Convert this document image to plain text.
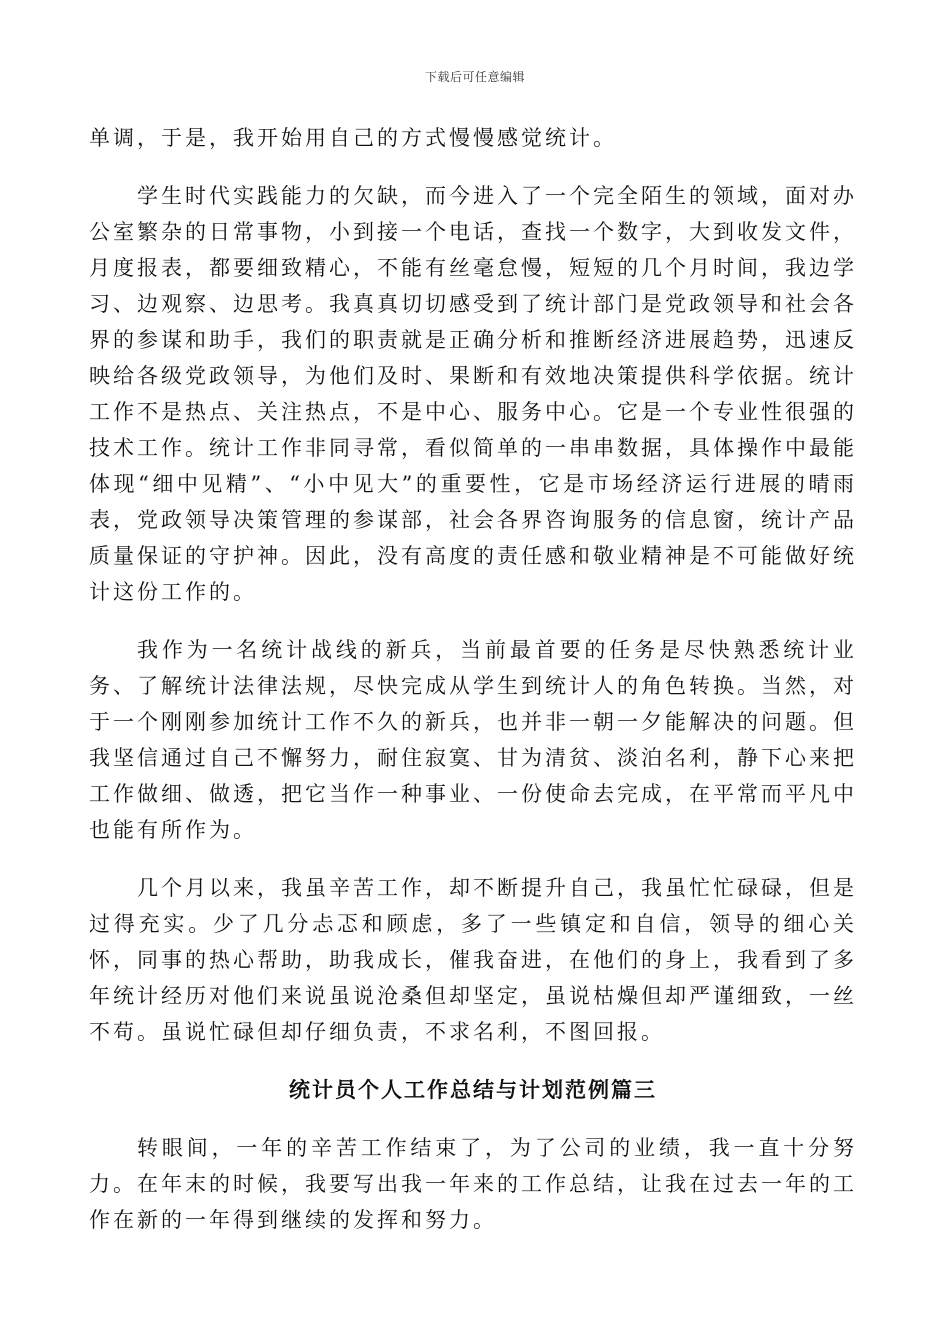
下载后可任意编辑

单调，于是，我开始用自己的方式慢慢感觉统计。

学生时代实践能力的欠缺，而今进入了一个完全陌生的领域，面对办公室繁杂的日常事物，小到接一个电话，查找一个数字，大到收发文件，月度报表，都要细致精心，不能有丝毫怠慢，短短的几个月时间，我边学习、边观察、边思考。我真真切切感受到了统计部门是党政领导和社会各界的参谋和助手，我们的职责就是正确分析和推断经济进展趋势，迅速反映给各级党政领导，为他们及时、果断和有效地决策提供科学依据。统计工作不是热点、关注热点，不是中心、服务中心。它是一个专业性很强的技术工作。统计工作非同寻常，看似简单的一串串数据，具体操作中最能体现“细中见精”、“小中见大”的重要性，它是市场经济运行进展的晴雨表，党政领导决策管理的参谋部，社会各界咨询服务的信息窗，统计产品质量保证的守护神。因此，没有高度的责任感和敬业精神是不可能做好统计这份工作的。

我作为一名统计战线的新兵，当前最首要的任务是尽快熟悉统计业务、了解统计法律法规，尽快完成从学生到统计人的角色转换。当然，对于一个刚刚参加统计工作不久的新兵，也并非一朝一夕能解决的问题。但我坚信通过自己不懈努力，耐住寂寞、甘为清贫、淡泊名利，静下心来把工作做细、做透，把它当作一种事业、一份使命去完成，在平常而平凡中也能有所作为。

几个月以来，我虽辛苦工作，却不断提升自己，我虽忙忙碌碌，但是过得充实。少了几分忐忑和顾虑，多了一些镇定和自信，领导的细心关怀，同事的热心帮助，助我成长，催我奋进，在他们的身上，我看到了多年统计经历对他们来说虽说沧桑但却坚定，虽说枯燥但却严谨细致，一丝不苟。虽说忙碌但却仔细负责，不求名利，不图回报。

统计员个人工作总结与计划范例篇三

转眼间，一年的辛苦工作结束了，为了公司的业绩，我一直十分努力。在年末的时候，我要写出我一年来的工作总结，让我在过去一年的工作在新的一年得到继续的发挥和努力。
